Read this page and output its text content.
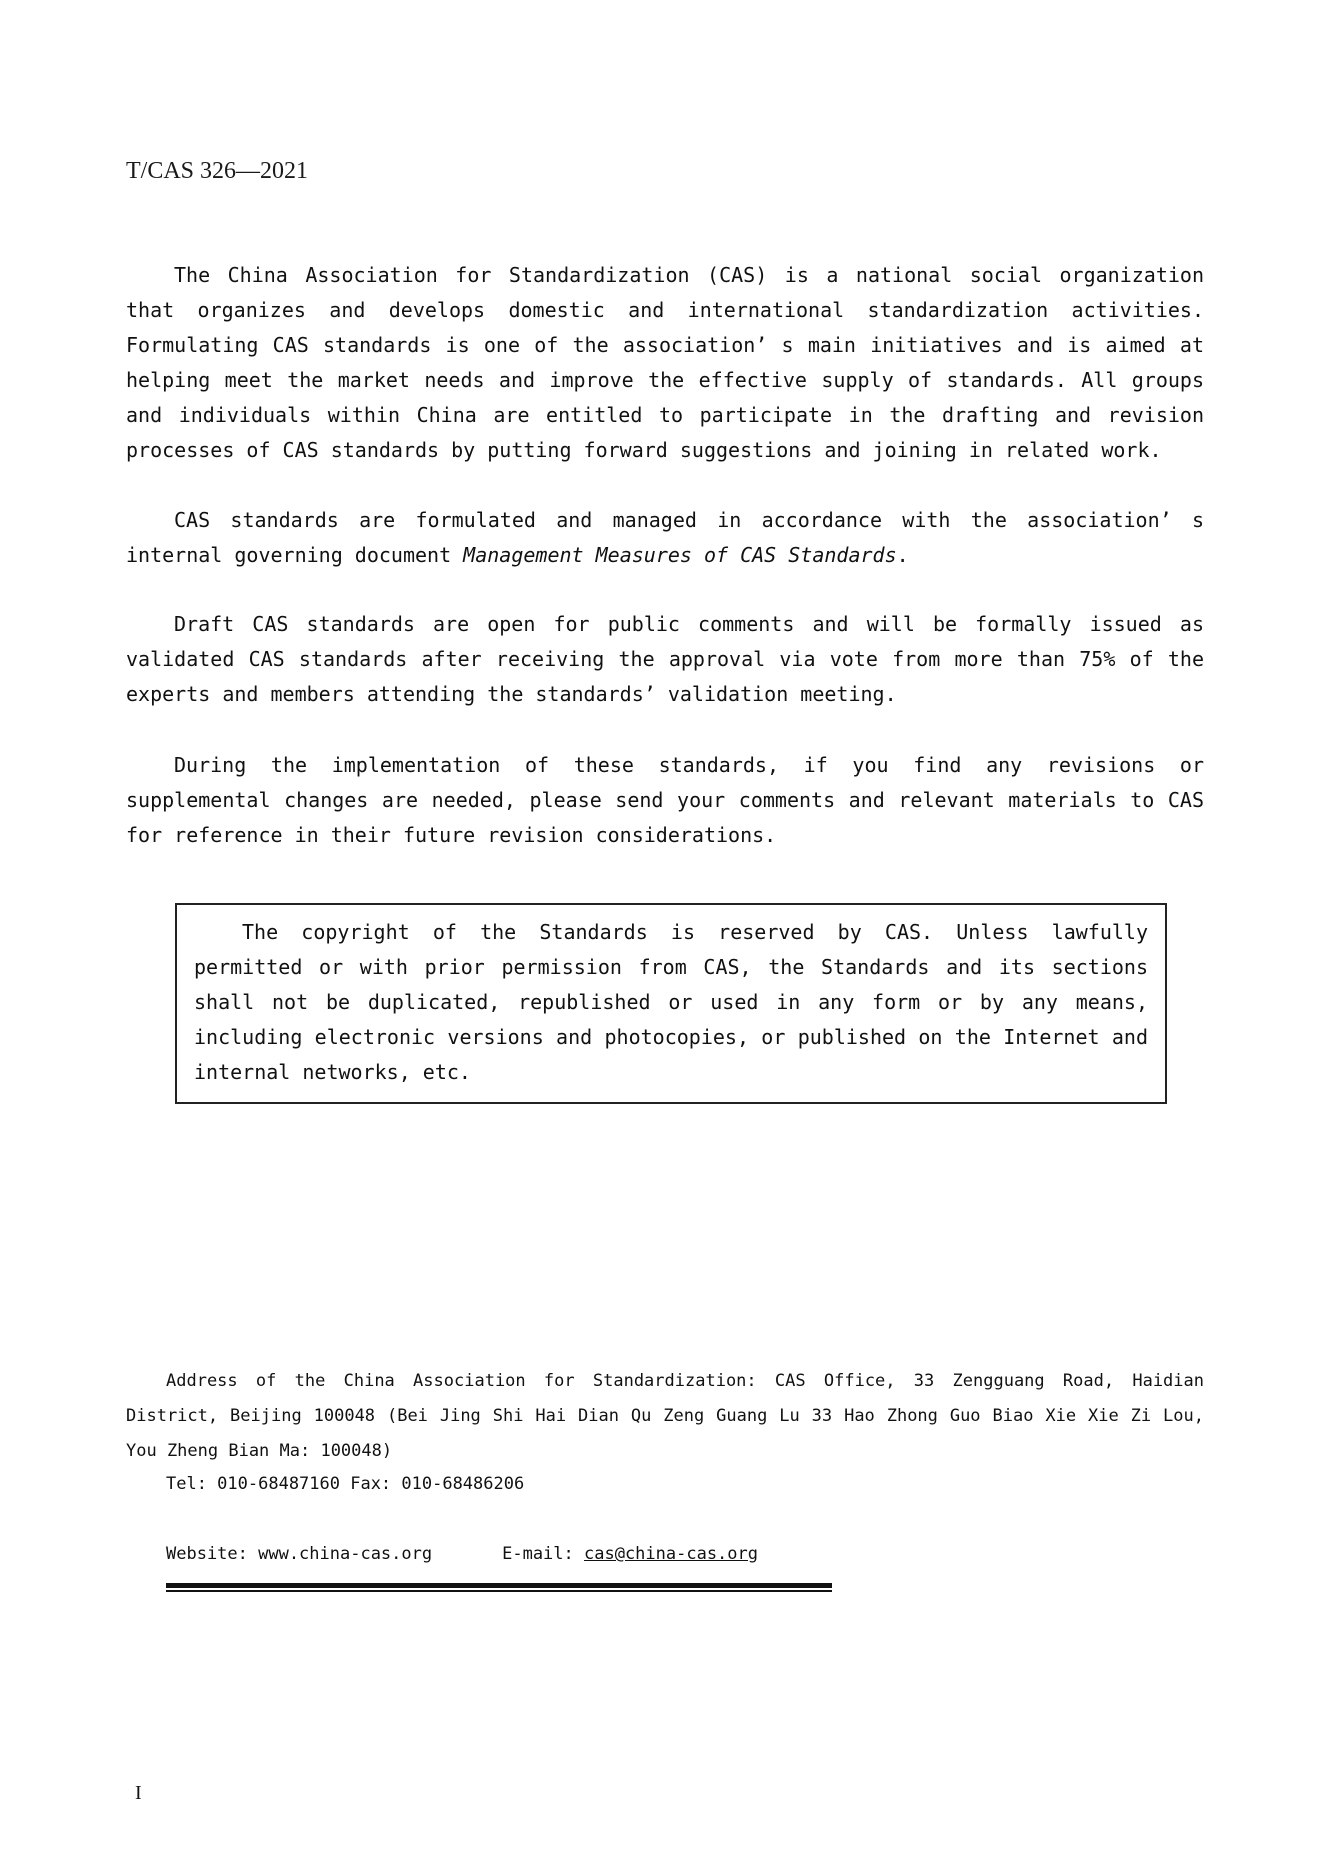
T/CAS 326—2021

The China Association for Standardization (CAS) is a national social organization that organizes and develops domestic and international standardization activities. Formulating CAS standards is one of the association’ s main initiatives and is aimed at helping meet the market needs and improve the effective supply of standards. All groups and individuals within China are entitled to participate in the drafting and revision processes of CAS standards by putting forward suggestions and joining in related work.

CAS standards are formulated and managed in accordance with the association’ s internal governing document Management Measures of CAS Standards.

Draft CAS standards are open for public comments and will be formally issued as validated CAS standards after receiving the approval via vote from more than 75% of the experts and members attending the standards’ validation meeting.

During the implementation of these standards, if you find any revisions or supplemental changes are needed, please send your comments and relevant materials to CAS for reference in their future revision considerations.

The copyright of the Standards is reserved by CAS. Unless lawfully permitted or with prior permission from CAS, the Standards and its sections shall not be duplicated, republished or used in any form or by any means, including electronic versions and photocopies, or published on the Internet and internal networks, etc.

Address of the China Association for Standardization: CAS Office, 33 Zengguang Road, Haidian District, Beijing 100048 (Bei Jing Shi Hai Dian Qu Zeng Guang Lu 33 Hao Zhong Guo Biao Xie Xie Zi Lou, You Zheng Bian Ma: 100048)

Tel: 010-68487160 Fax: 010-68486206
Website: www.china-cas.org	E-mail: cas@china-cas.org
I
